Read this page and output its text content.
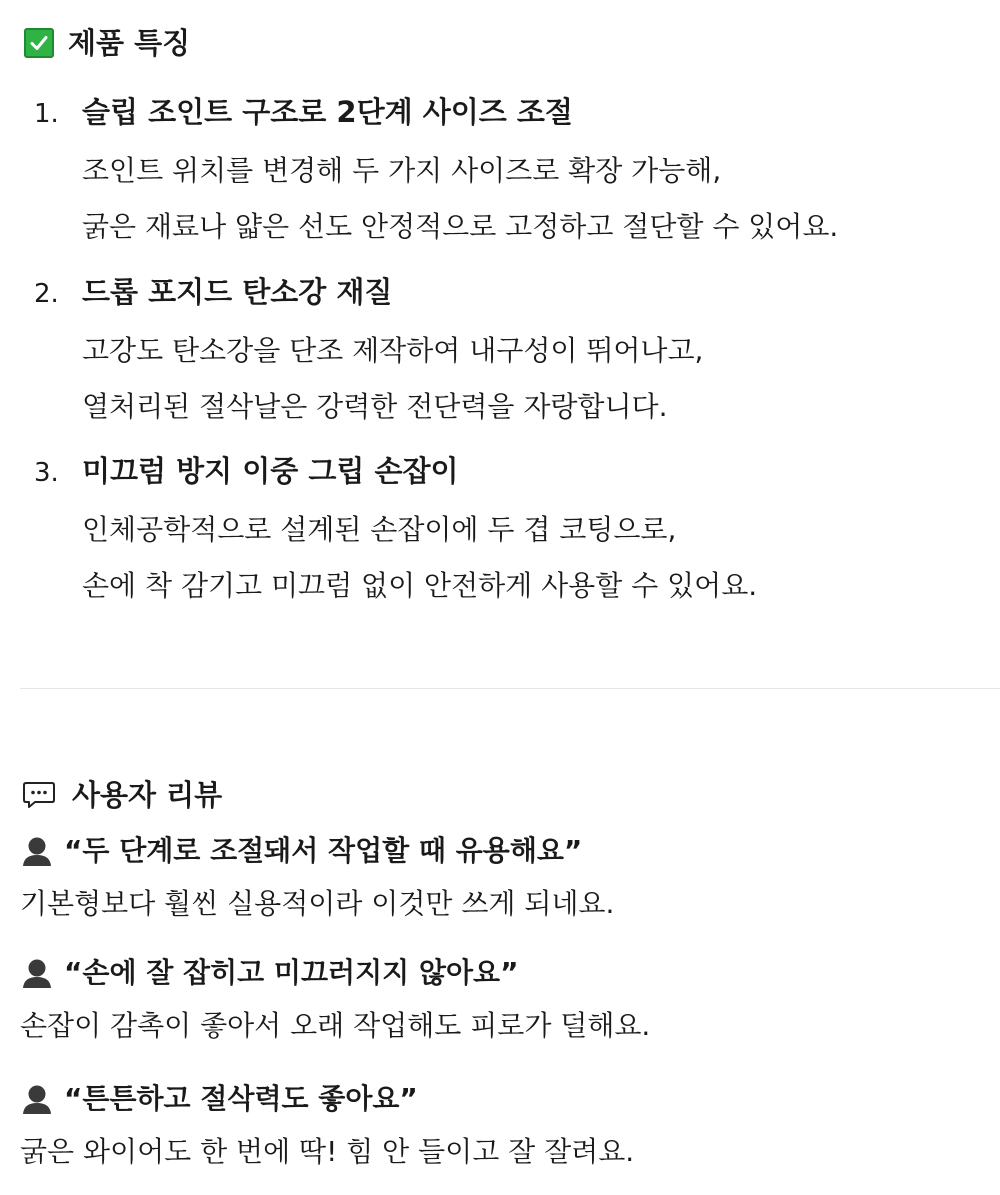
제품 특징
1. 슬립 조인트 구조로 2단계 사이즈 조절
조인트 위치를 변경해 두 가지 사이즈로 확장 가능해,
굵은 재료나 얇은 선도 안정적으로 고정하고 절단할 수 있어요.
2. 드롭 포지드 탄소강 재질
고강도 탄소강을 단조 제작하여 내구성이 뛰어나고,
열처리된 절삭날은 강력한 전단력을 자랑합니다.
3. 미끄럼 방지 이중 그립 손잡이
인체공학적으로 설계된 손잡이에 두 겹 코팅으로,
손에 착 감기고 미끄럼 없이 안전하게 사용할 수 있어요.
사용자 리뷰
“두 단계로 조절돼서 작업할 때 유용해요”
기본형보다 훨씬 실용적이라 이것만 쓰게 되네요.
“손에 잘 잡히고 미끄러지지 않아요”
손잡이 감촉이 좋아서 오래 작업해도 피로가 덜해요.
“튼튼하고 절삭력도 좋아요”
굵은 와이어도 한 번에 딱! 힘 안 들이고 잘 잘려요.
